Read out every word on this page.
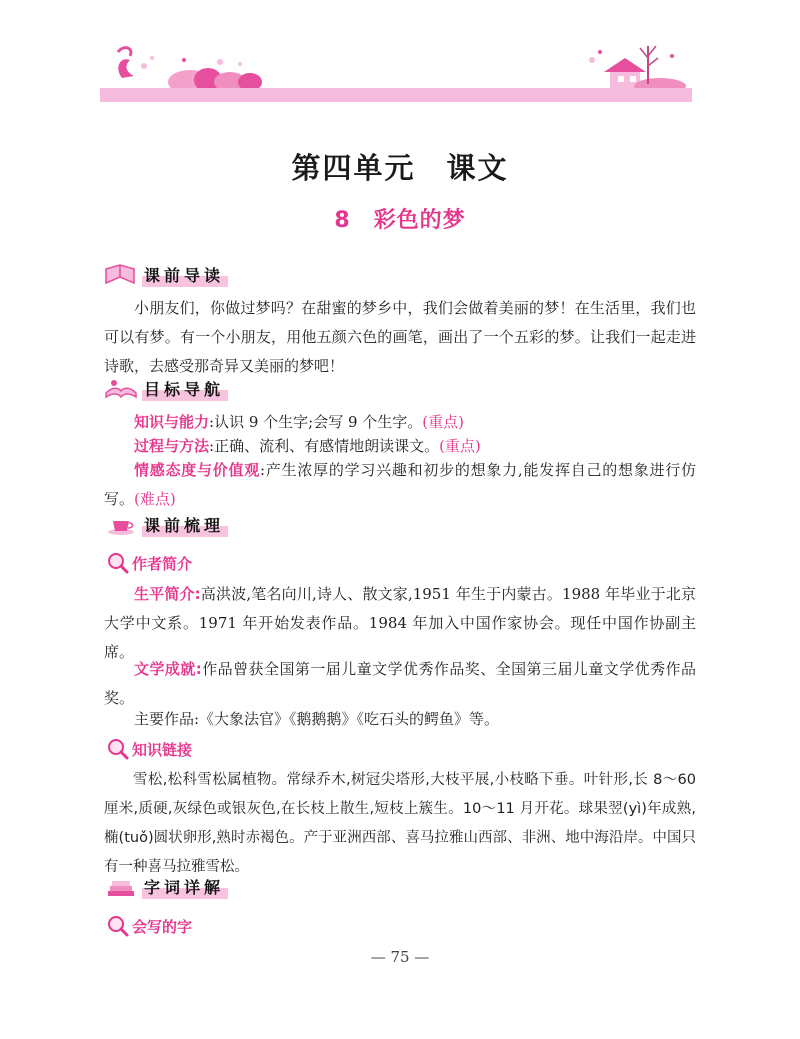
第四单元　课文
8　彩色的梦
课前导读
小朋友们，你做过梦吗？在甜蜜的梦乡中，我们会做着美丽的梦！在生活里，我们也可以有梦。有一个小朋友，用他五颜六色的画笔，画出了一个五彩的梦。让我们一起走进诗歌，去感受那奇异又美丽的梦吧！
目标导航
知识与能力:认识 9 个生字;会写 9 个生字。(重点)
过程与方法:正确、流利、有感情地朗读课文。(重点)
情感态度与价值观:产生浓厚的学习兴趣和初步的想象力,能发挥自己的想象进行仿写。(难点)
课前梳理
作者简介
生平简介:高洪波,笔名向川,诗人、散文家,1951 年生于内蒙古。1988 年毕业于北京大学中文系。1971 年开始发表作品。1984 年加入中国作家协会。现任中国作协副主席。
文学成就:作品曾获全国第一届儿童文学优秀作品奖、全国第三届儿童文学优秀作品奖。
主要作品:《大象法官》《鹅鹅鹅》《吃石头的鳄鱼》等。
知识链接
雪松,松科雪松属植物。常绿乔木,树冠尖塔形,大枝平展,小枝略下垂。叶针形,长 8～60 厘米,质硬,灰绿色或银灰色,在长枝上散生,短枝上簇生。10～11 月开花。球果翌(yì)年成熟,椭(tuǒ)圆状卵形,熟时赤褐色。产于亚洲西部、喜马拉雅山西部、非洲、地中海沿岸。中国只有一种喜马拉雅雪松。
字词详解
会写的字
— 75 —
